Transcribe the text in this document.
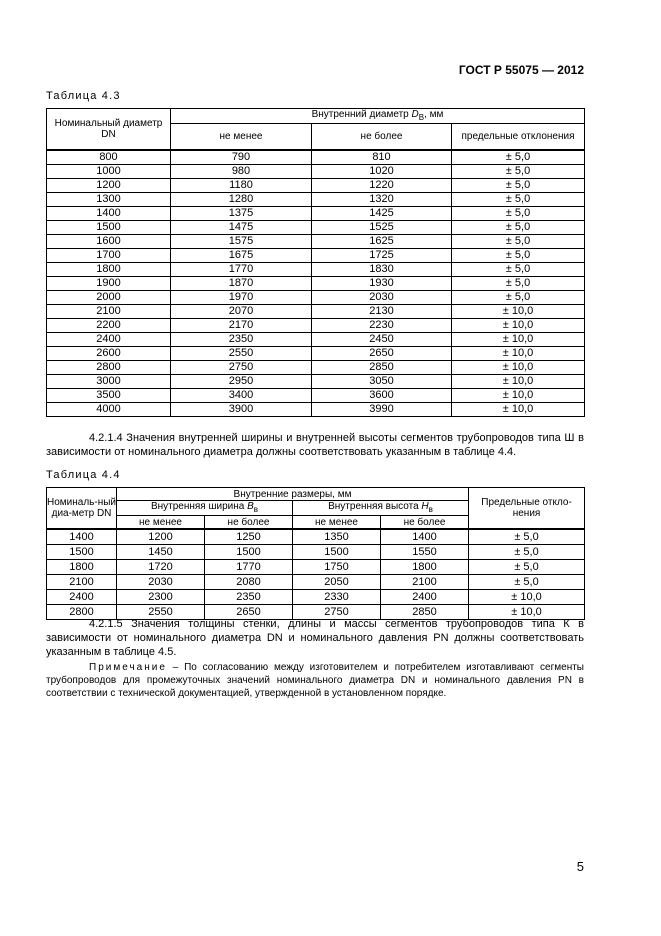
ГОСТ Р 55075 — 2012
Таблица 4.3
Номинальный диаметр DN	Внутренний диаметр $D_B$, мм		
	не менее	не более	предельные отклонения
800	790	810	± 5,0
1000	980	1020	± 5,0
1200	1180	1220	± 5,0
1300	1280	1320	± 5,0
1400	1375	1425	± 5,0
1500	1475	1525	± 5,0
1600	1575	1625	± 5,0
1700	1675	1725	± 5,0
1800	1770	1830	± 5,0
1900	1870	1930	± 5,0
2000	1970	2030	± 5,0
2100	2070	2130	± 10,0
2200	2170	2230	± 10,0
2400	2350	2450	± 10,0
2600	2550	2650	± 10,0
2800	2750	2850	± 10,0
3000	2950	3050	± 10,0
3500	3400	3600	± 10,0
4000	3900	3990	± 10,0
4.2.1.4 Значения внутренней ширины и внутренней высоты сегментов трубопроводов типа Ш в зависимости от номинального диаметра должны соответствовать указанным в таблице 4.4.
Таблица 4.4
Номиналь-ный диа-метр DN	Внутренние размеры, мм				Предельные откло-нения
	Внутренняя ширина $B_в$		Внутренняя высота $H_в$
	не менее	не более	не менее	не более	
1400	1200	1250	1350	1400	± 5,0
1500	1450	1500	1500	1550	± 5,0
1800	1720	1770	1750	1800	± 5,0
2100	2030	2080	2050	2100	± 5,0
2400	2300	2350	2330	2400	± 10,0
2800	2550	2650	2750	2850	± 10,0
4.2.1.5 Значения толщины стенки, длины и массы сегментов трубопроводов типа К в зависимости от номинального диаметра DN и номинального давления PN должны соответствовать указанным в таблице 4.5.
Примечание – По согласованию между изготовителем и потребителем изготавливают сегменты трубопроводов для промежуточных значений номинального диаметра DN и номинального давления PN в соответствии с технической документацией, утвержденной в установленном порядке.
5
